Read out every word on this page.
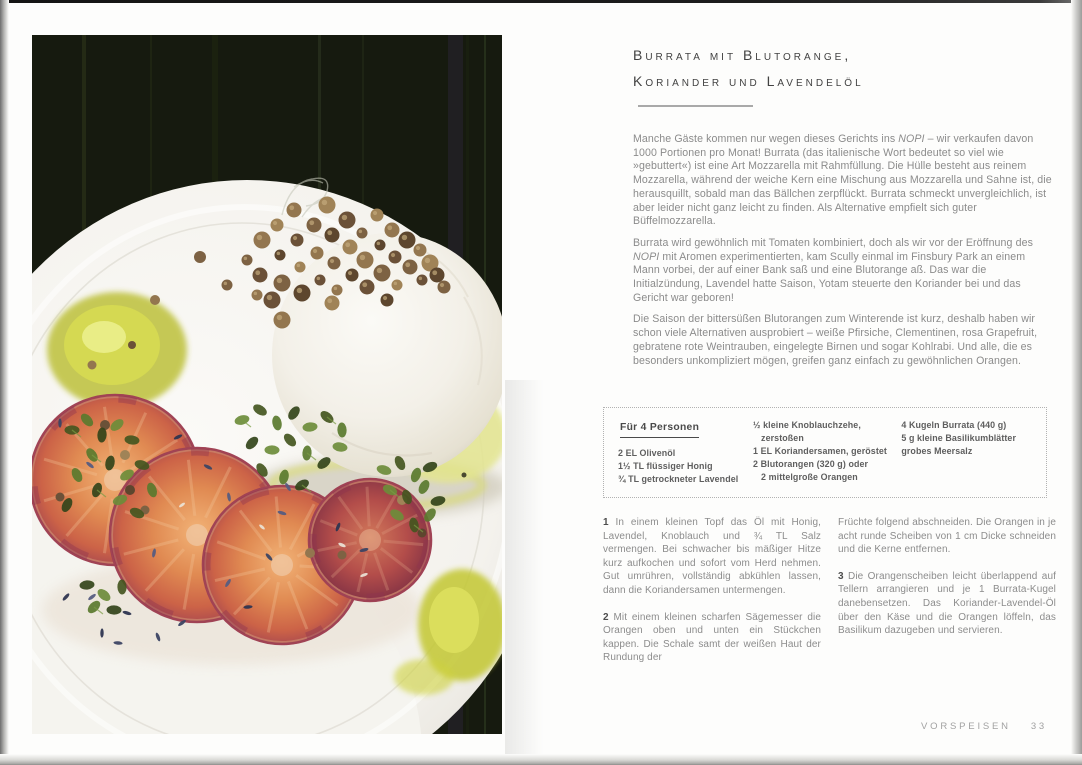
Burrata mit Blutorange,
Koriander und Lavendelöl

Manche Gäste kommen nur wegen dieses Gerichts ins NOPI – wir verkaufen davon 1000 Portionen pro Monat! Burrata (das italienische Wort bedeutet so viel wie »gebuttert«) ist eine Art Mozzarella mit Rahmfüllung. Die Hülle besteht aus reinem Mozzarella, während der weiche Kern eine Mischung aus Mozzarella und Sahne ist, die herausquillt, sobald man das Bällchen zerpflückt. Burrata schmeckt unvergleichlich, ist aber leider nicht ganz leicht zu finden. Als Alternative empfielt sich guter Büffelmozzarella.

Burrata wird gewöhnlich mit Tomaten kombiniert, doch als wir vor der Eröffnung des NOPI mit Aromen experimentierten, kam Scully einmal im Finsbury Park an einem Mann vorbei, der auf einer Bank saß und eine Blutorange aß. Das war die Initialzündung, Lavendel hatte Saison, Yotam steuerte den Koriander bei und das Gericht war geboren!

Die Saison der bittersüßen Blutorangen zum Winterende ist kurz, deshalb haben wir schon viele Alternativen ausprobiert – weiße Pfirsiche, Clementinen, rosa Grapefruit, gebratene rote Weintrauben, eingelegte Birnen und sogar Kohlrabi. Und alle, die es besonders unkompliziert mögen, greifen ganz einfach zu gewöhnlichen Orangen.

Für 4 Personen
2 EL Olivenöl
1½ TL flüssiger Honig
¾ TL getrockneter Lavendel
½ kleine Knoblauchzehe,
zerstoßen
1 EL Koriandersamen, geröstet
2 Blutorangen (320 g) oder
2 mittelgroße Orangen
4 Kugeln Burrata (440 g)
5 g kleine Basilikumblätter
grobes Meersalz

1 In einem kleinen Topf das Öl mit Honig, Lavendel, Knoblauch und ¾ TL Salz vermengen. Bei schwacher bis mäßiger Hitze kurz aufkochen und sofort vom Herd nehmen. Gut umrühren, vollständig abkühlen lassen, dann die Koriandersamen untermengen.

2 Mit einem kleinen scharfen Sägemesser die Orangen oben und unten ein Stückchen kappen. Die Schale samt der weißen Haut der Rundung der

Früchte folgend abschneiden. Die Orangen in je acht runde Scheiben von 1 cm Dicke schneiden und die Kerne entfernen.

3 Die Orangenscheiben leicht überlappend auf Tellern arrangieren und je 1 Burrata-Kugel danebensetzen. Das Koriander-Lavendel-Öl über den Käse und die Orangen löffeln, das Basilikum dazugeben und servieren.

VORSPEISEN 33
